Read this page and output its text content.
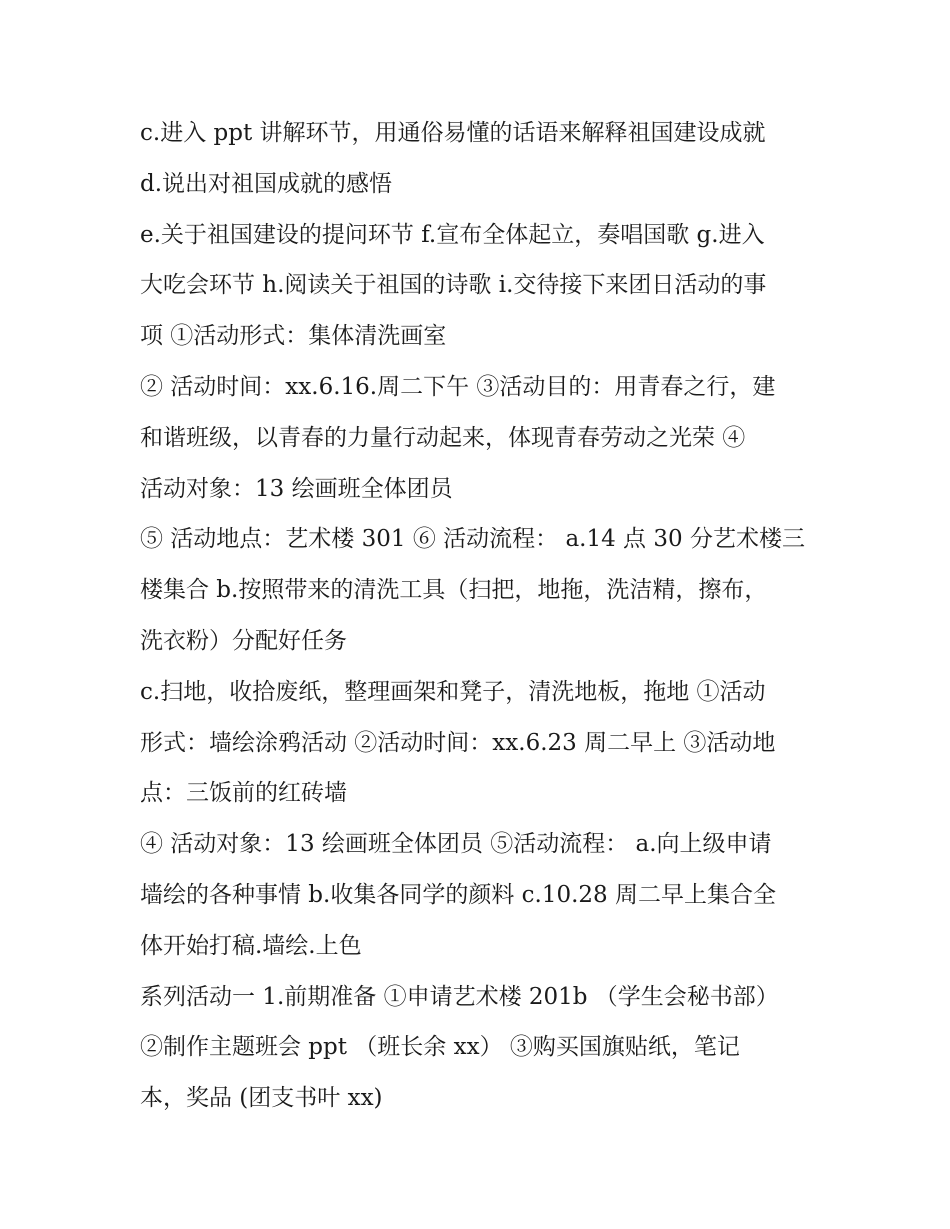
c.进入 ppt 讲解环节，用通俗易懂的话语来解释祖国建设成就
d.说出对祖国成就的感悟
e.关于祖国建设的提问环节 f.宣布全体起立，奏唱国歌 g.进入
大吃会环节 h.阅读关于祖国的诗歌 i.交待接下来团日活动的事
项 ①活动形式：集体清洗画室
② 活动时间：xx.6.16.周二下午 ③活动目的：用青春之行，建
和谐班级，以青春的力量行动起来，体现青春劳动之光荣 ④
活动对象：13 绘画班全体团员
⑤ 活动地点：艺术楼 301 ⑥ 活动流程： a.14 点 30 分艺术楼三
楼集合 b.按照带来的清洗工具（扫把，地拖，洗洁精，擦布，
洗衣粉）分配好任务
c.扫地，收拾废纸，整理画架和凳子，清洗地板，拖地 ①活动
形式：墙绘涂鸦活动 ②活动时间：xx.6.23 周二早上 ③活动地
点：三饭前的红砖墙
④ 活动对象：13 绘画班全体团员 ⑤活动流程： a.向上级申请
墙绘的各种事情 b.收集各同学的颜料 c.10.28 周二早上集合全
体开始打稿.墙绘.上色
系列活动一 1.前期准备 ①申请艺术楼 201b （学生会秘书部）
②制作主题班会 ppt （班长余 xx） ③购买国旗贴纸，笔记
本，奖品 (团支书叶 xx)
